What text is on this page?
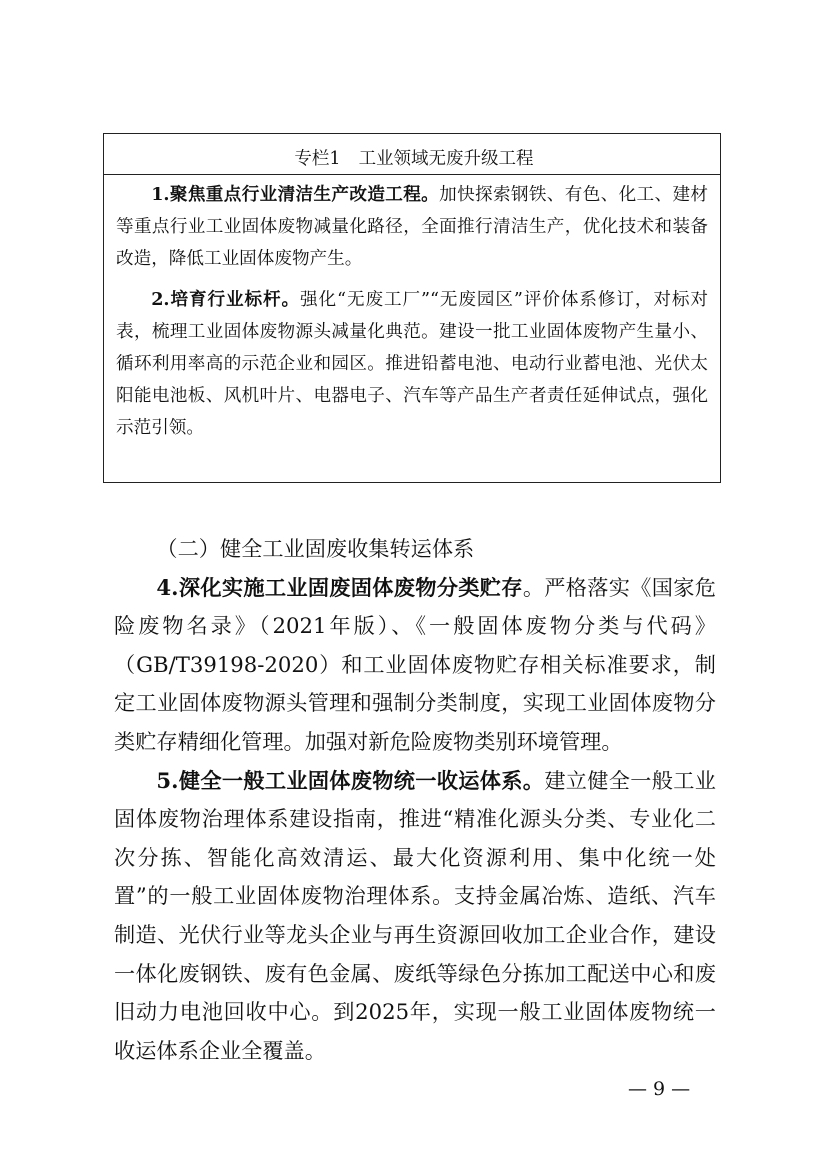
专栏1 工业领域无废升级工程

1.聚焦重点行业清洁生产改造工程。加快探索钢铁、有色、化工、建材等重点行业工业固体废物减量化路径，全面推行清洁生产，优化技术和装备改造，降低工业固体废物产生。

2.培育行业标杆。强化“无废工厂”“无废园区”评价体系修订，对标对表，梳理工业固体废物源头减量化典范。建设一批工业固体废物产生量小、循环利用率高的示范企业和园区。推进铅蓄电池、电动行业蓄电池、光伏太阳能电池板、风机叶片、电器电子、汽车等产品生产者责任延伸试点，强化示范引领。

（二）健全工业固废收集转运体系

4.深化实施工业固废固体废物分类贮存。严格落实《国家危险废物名录》（2021年版）、《一般固体废物分类与代码》（GB/T39198-2020）和工业固体废物贮存相关标准要求，制定工业固体废物源头管理和强制分类制度，实现工业固体废物分类贮存精细化管理。加强对新危险废物类别环境管理。

5.健全一般工业固体废物统一收运体系。建立健全一般工业固体废物治理体系建设指南，推进“精准化源头分类、专业化二次分拣、智能化高效清运、最大化资源利用、集中化统一处置”的一般工业固体废物治理体系。支持金属冶炼、造纸、汽车制造、光伏行业等龙头企业与再生资源回收加工企业合作，建设一体化废钢铁、废有色金属、废纸等绿色分拣加工配送中心和废旧动力电池回收中心。到2025年，实现一般工业固体废物统一收运体系企业全覆盖。

— 9 —
